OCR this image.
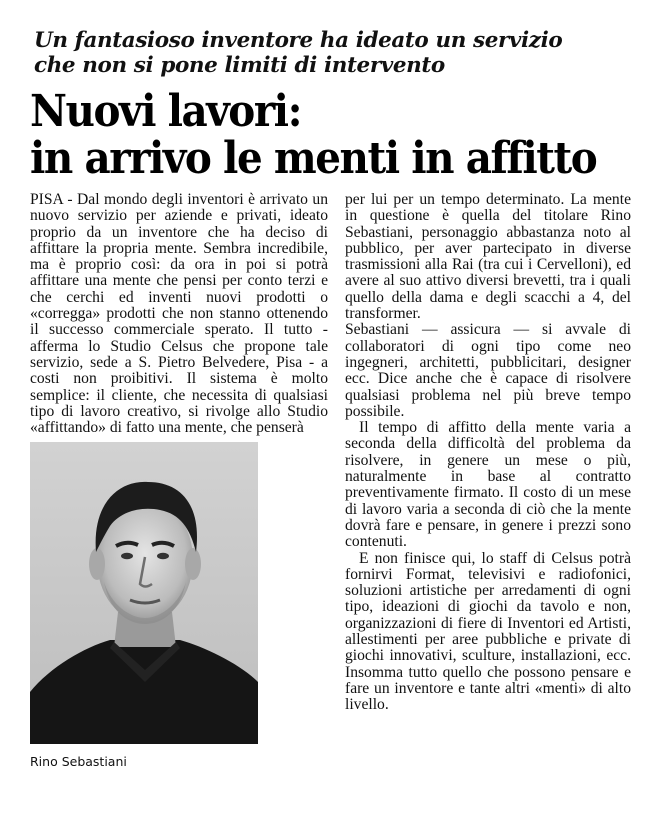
Un fantasioso inventore ha ideato un servizio
che non si pone limiti di intervento
Nuovi lavori:
in arrivo le menti in affitto

PISA - Dal mondo degli inventori è arrivato un nuovo servizio per aziende e privati, ideato proprio da un inventore che ha deciso di affittare la propria mente. Sembra incredibile, ma è proprio così: da ora in poi si potrà affittare una mente che pensi per conto terzi e che cerchi ed inventi nuovi prodotti o «correggа» prodotti che non stanno ottenendo il successo commerciale sperato. Il tutto - afferma lo Studio Celsus che propone tale servizio, sede a S. Pietro Belvedere, Pisa - a costi non proibitivi. Il sistema è molto semplice: il cliente, che necessita di qualsiasi tipo di lavoro creativo, si rivolge allo Studio «affittando» di fatto una mente, che penserà

per lui per un tempo determinato. La mente in questione è quella del titolare Rino Sebastiani, personaggio abbastanza noto al pubblico, per aver partecipato in diverse trasmissioni alla Rai (tra cui i Cervelloni), ed avere al suo attivo diversi brevetti, tra i quali quello della dama e degli scacchi a 4, del transformer.

Sebastiani — assicura — si avvale di collaboratori di ogni tipo come neo ingegneri, architetti, pubblicitari, designer ecc. Dice anche che è capace di risolvere qualsiasi problema nel più breve tempo possibile.

Il tempo di affitto della mente varia a seconda della difficoltà del problema da risolvere, in genere un mese o più, naturalmente in base al contratto preventivamente firmato. Il costo di un mese di lavoro varia a seconda di ciò che la mente dovrà fare e pensare, in genere i prezzi sono contenuti.

E non finisce qui, lo staff di Celsus potrà fornirvi Format, televisivi e radiofonici, soluzioni artistiche per arredamenti di ogni tipo, ideazioni di giochi da tavolo e non, organizzazioni di fiere di Inventori ed Artisti, allestimenti per aree pubbliche e private di giochi innovativi, sculture, installazioni, ecc. Insomma tutto quello che possono pensare e fare un inventore e tante altri «menti» di alto livello.

Rino Sebastiani
